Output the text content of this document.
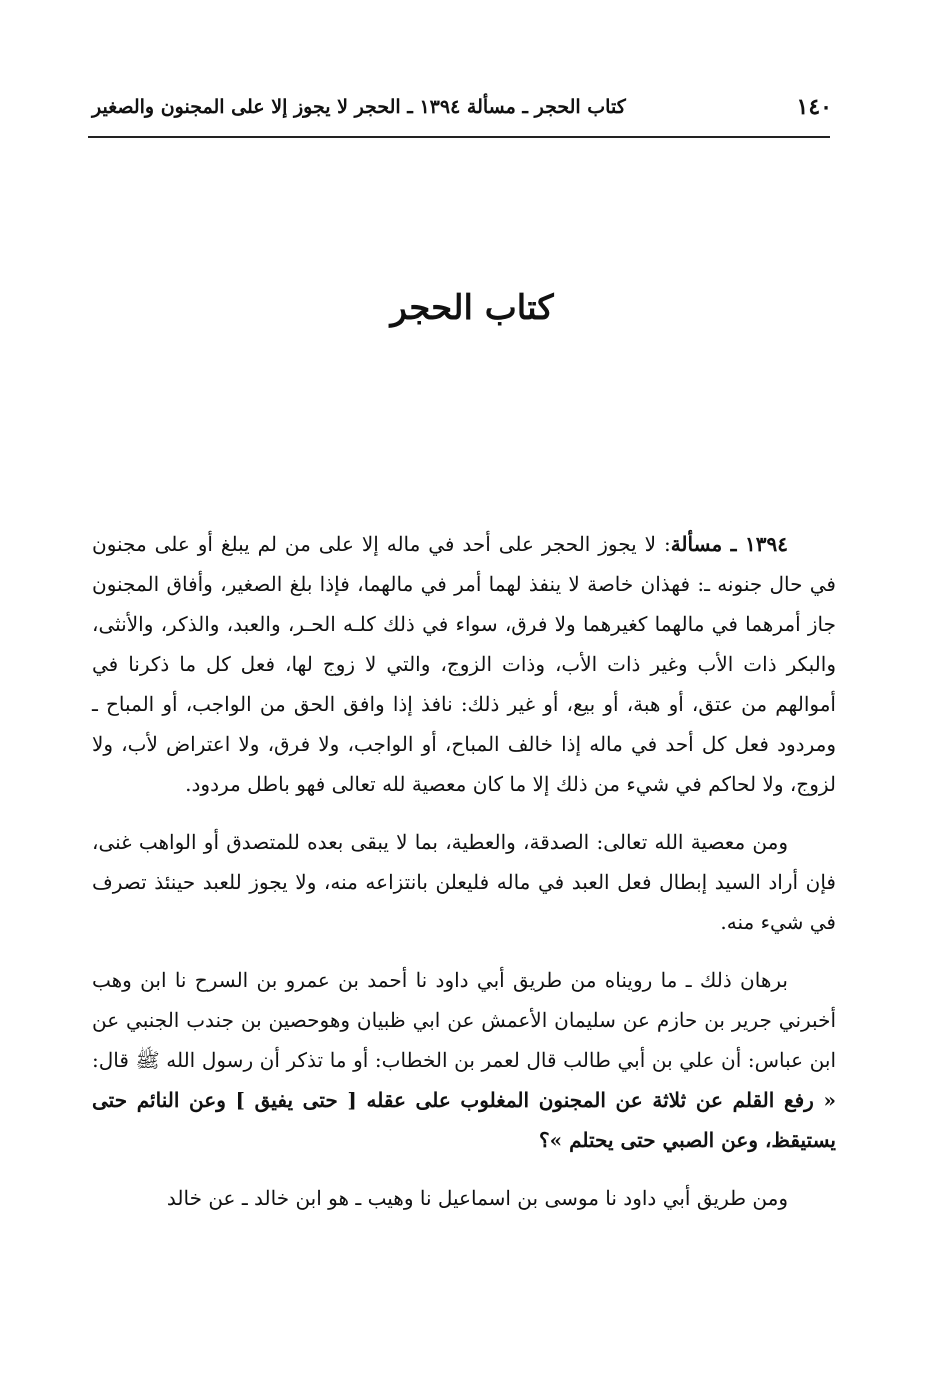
١٤٠
كتاب الحجر ـ مسألة ١٣٩٤ ـ الحجر لا يجوز إلا على المجنون والصغير
كتاب الحجر

١٣٩٤ ـ مسألة: لا يجوز الحجر على أحد في ماله إلا على من لم يبلغ أو على مجنون في حال جنونه ـ: فهذان خاصة لا ينفذ لهما أمر في مالهما، فإذا بلغ الصغير، وأفاق المجنون جاز أمرهما في مالهما كغيرهما ولا فرق، سواء في ذلك كلـه الحـر، والعبد، والذكر، والأنثى، والبكر ذات الأب وغير ذات الأب، وذات الزوج، والتي لا زوج لها، فعل كل ما ذكرنا في أموالهم من عتق، أو هبة، أو بيع، أو غير ذلك: نافذ إذا وافق الحق من الواجب، أو المباح ـ ومردود فعل كل أحد في ماله إذا خالف المباح، أو الواجب، ولا فرق، ولا اعتراض لأب، ولا لزوج، ولا لحاكم في شيء من ذلك إلا ما كان معصية لله تعالى فهو باطل مردود.

ومن معصية الله تعالى: الصدقة، والعطية، بما لا يبقى بعده للمتصدق أو الواهب غنى، فإن أراد السيد إبطال فعل العبد في ماله فليعلن بانتزاعه منه، ولا يجوز للعبد حينئذ تصرف في شيء منه.

برهان ذلك ـ ما رويناه من طريق أبي داود نا أحمد بن عمرو بن السرح نا ابن وهب أخبرني جرير بن حازم عن سليمان الأعمش عن ابي ظبيان وهوحصين بن جندب الجنبي عن ابن عباس: أن علي بن أبي طالب قال لعمر بن الخطاب: أو ما تذكر أن رسول الله ﷺ قال: « رفع القلم عن ثلاثة عن المجنون المغلوب على عقله [ حتى يفيق ] وعن النائم حتى يستيقظ، وعن الصبي حتى يحتلم »؟

ومن طريق أبي داود نا موسى بن اسماعيل نا وهيب ـ هو ابن خالد ـ عن خالد
